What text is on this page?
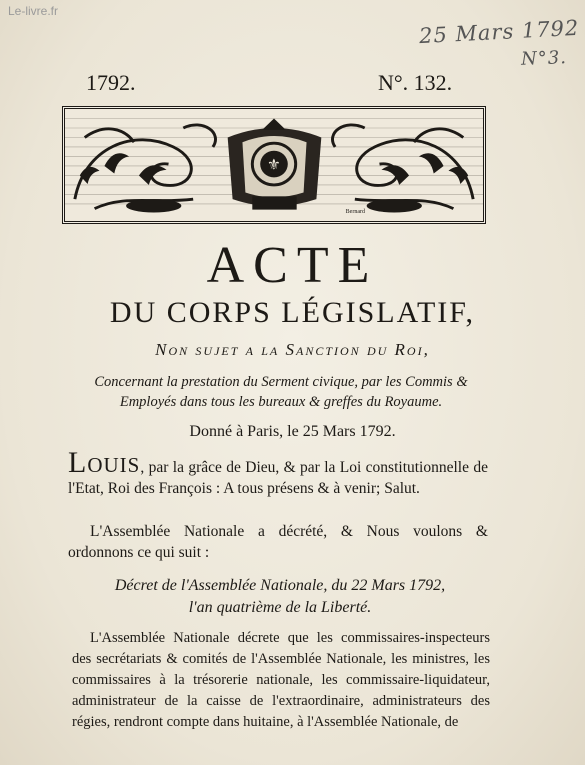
Le-livre.fr
25 Mars 1792
N°3.
1792.	N°. 132.
⚜
Bernard
ACTE
DU CORPS LÉGISLATIF,
Non sujet a la Sanction du Roi,
Concernant la prestation du Serment civique, par les Commis & Employés dans tous les bureaux & greffes du Royaume.
Donné à Paris, le 25 Mars 1792.
Louis, par la grâce de Dieu, & par la Loi constitutionnelle de l'Etat, Roi des François : A tous présens & à venir; Salut.
L'Assemblée Nationale a décrété, & Nous voulons & ordonnons ce qui suit :
Décret de l'Assemblée Nationale, du 22 Mars 1792,
l'an quatrième de la Liberté.
L'Assemblée Nationale décrete que les commissaires-inspecteurs des secrétariats & comités de l'Assemblée Nationale, les ministres, les commissaires à la trésorerie nationale, les commissaire-liquidateur, administrateur de la caisse de l'extraordinaire, administrateurs des régies, rendront compte dans huitaine, à l'Assemblée Nationale, de
